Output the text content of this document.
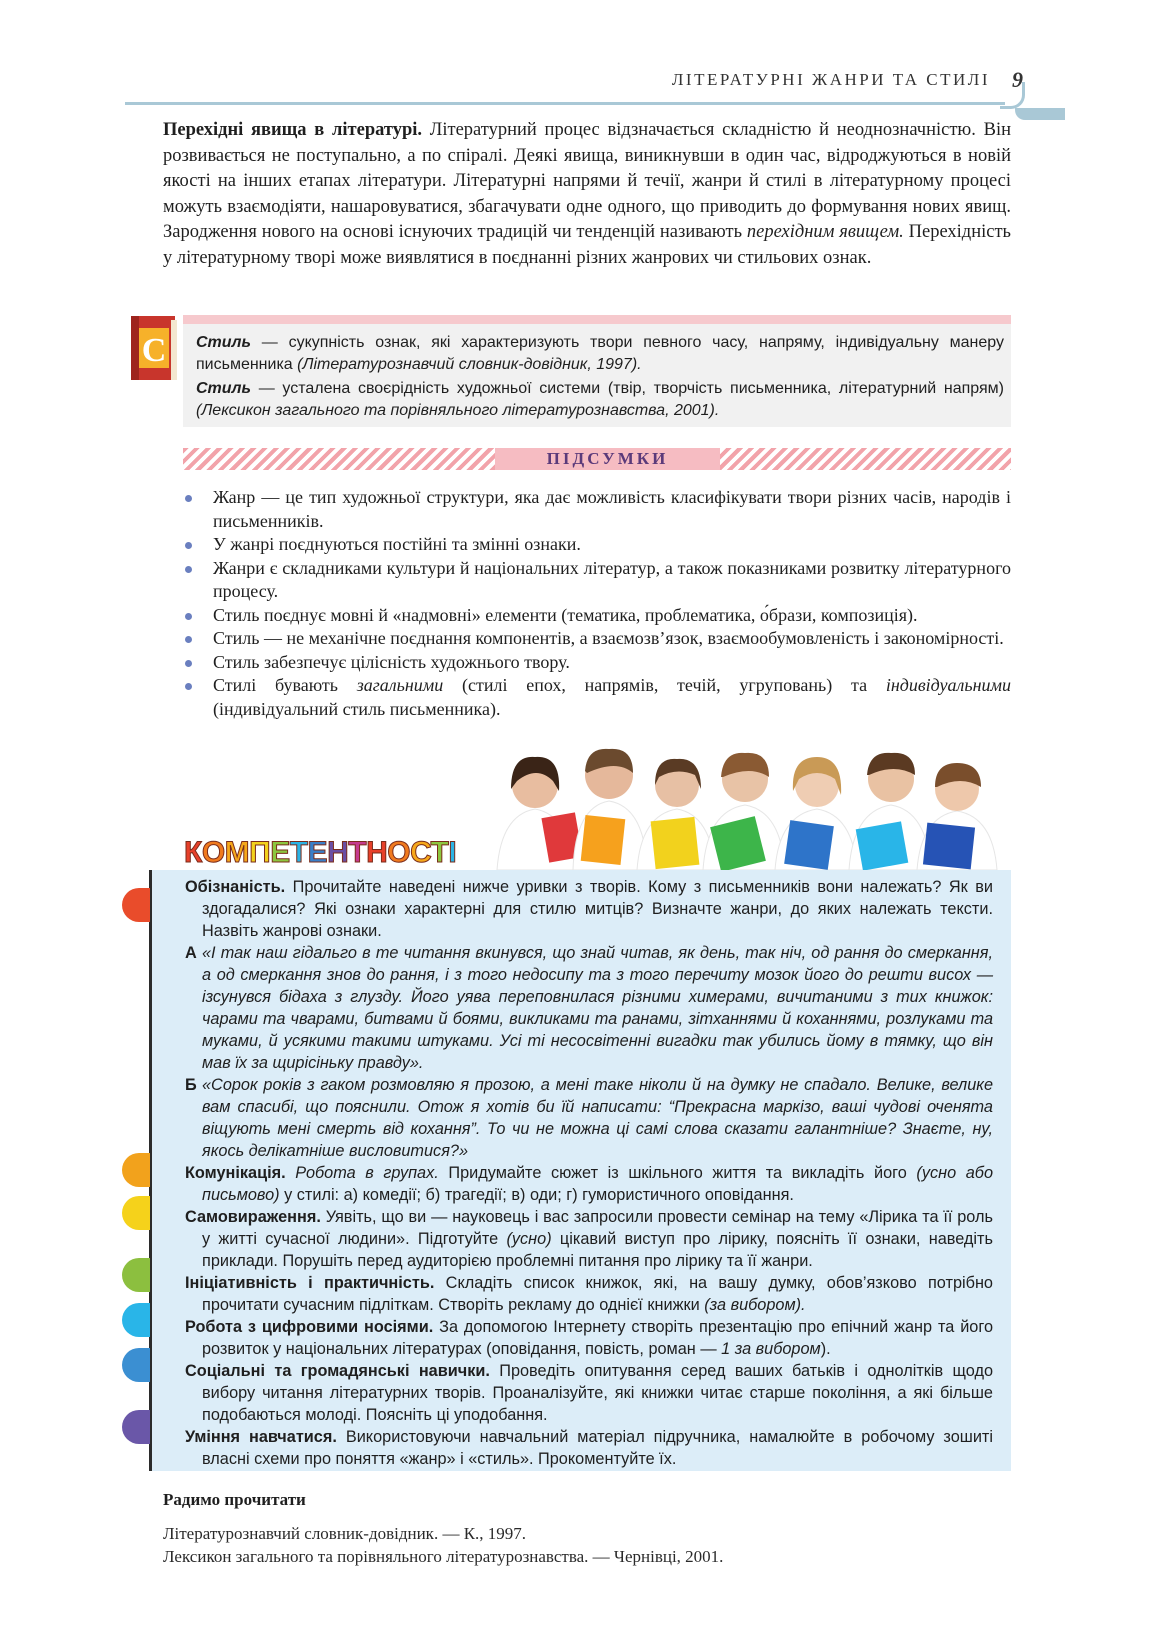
ЛІТЕРАТУРНІ ЖАНРИ ТА СТИЛІ 9
Перехідні явища в літературі. Літературний процес відзначається складністю й неоднозначністю. Він розвивається не поступально, а по спіралі. Деякі явища, виникнувши в один час, відроджуються в новій якості на інших етапах літератури. Літературні напрями й течії, жанри й стилі в літературному процесі можуть взаємодіяти, нашаровуватися, збагачувати одне одного, що приводить до формування нових явищ. Зародження нового на основі існуючих традицій чи тенденцій називають перехідним явищем. Перехідність у літературному творі може виявлятися в поєднанні різних жанрових чи стильових ознак.
С Стиль — сукупність ознак, які характеризують твори певного часу, напряму, індивідуальну манеру письменника (Літературознавчий словник-довідник, 1997).
Стиль — усталена своєрідність художньої системи (твір, творчість письменника, літературний напрям) (Лексикон загального та порівняльного літературознавства, 2001).
ПІДСУМКИ
Жанр — це тип художньої структури, яка дає можливість класифікувати твори різних часів, народів і письменників.
У жанрі поєднуються постійні та змінні ознаки.
Жанри є складниками культури й національних літератур, а також показниками розвитку літературного процесу.
Стиль поєднує мовні й «надмовні» елементи (тематика, проблематика, о́брази, композиція).
Стиль — не механічне поєднання компонентів, а взаємозв’язок, взаємообумовленість і закономірності.
Стиль забезпечує цілісність художнього твору.
Стилі бувають загальними (стилі епох, напрямів, течій, угруповань) та індивідуальними (індивідуальний стиль письменника).
КОМПЕТЕНТНОСТІ
Обізнаність. Прочитайте наведені нижче уривки з творів. Кому з письменників вони належать? Як ви здогадалися? Які ознаки характерні для стилю митців? Визначте жанри, до яких належать тексти. Назвіть жанрові ознаки.
А «І так наш гідальго в те читання вкинувся, що знай читав, як день, так ніч, од рання до смеркання, а од смеркання знов до рання, і з того недосипу та з того перечиту мозок його до решти висох — ізсунувся бідаха з глузду. Його уява переповнилася різними химерами, вичитаними з тих книжок: чарами та чварами, битвами й боями, викликами та ранами, зітханнями й коханнями, розлуками та муками, й усякими такими штуками. Усі ті несосвітенні вигадки так убились йому в тямку, що він мав їх за щирісіньку правду».
Б «Сорок років з гаком розмовляю я прозою, а мені таке ніколи й на думку не спадало. Велике, велике вам спасибі, що пояснили. Отож я хотів би їй написати: “Прекрасна маркізо, ваші чудові оченята віщують мені смерть від кохання”. То чи не можна ці самі слова сказати галантніше? Знаєте, ну, якось делікатніше висловитися?»
Комунікація. Робота в групах. Придумайте сюжет із шкільного життя та викладіть його (усно або письмово) у стилі: а) комедії; б) трагедії; в) оди; г) гумористичного оповідання.
Самовираження. Уявіть, що ви — науковець і вас запросили провести семінар на тему «Лірика та її роль у житті сучасної людини». Підготуйте (усно) цікавий виступ про лірику, поясніть її ознаки, наведіть приклади. Порушіть перед аудиторією проблемні питання про лірику та її жанри.
Ініціативність і практичність. Складіть список книжок, які, на вашу думку, обов’язково потрібно прочитати сучасним підліткам. Створіть рекламу до однієї книжки (за вибором).
Робота з цифровими носіями. За допомогою Інтернету створіть презентацію про епічний жанр та його розвиток у національних літературах (оповідання, повість, роман — 1 за вибором).
Соціальні та громадянські навички. Проведіть опитування серед ваших батьків і однолітків щодо вибору читання літературних творів. Проаналізуйте, які книжки читає старше покоління, а які більше подобаються молоді. Поясніть ці уподобання.
Уміння навчатися. Використовуючи навчальний матеріал підручника, намалюйте в робочому зошиті власні схеми про поняття «жанр» і «стиль». Прокоментуйте їх.
Радимо прочитати
Літературознавчий словник-довідник. — К., 1997.
Лексикон загального та порівняльного літературознавства. — Чернівці, 2001.
